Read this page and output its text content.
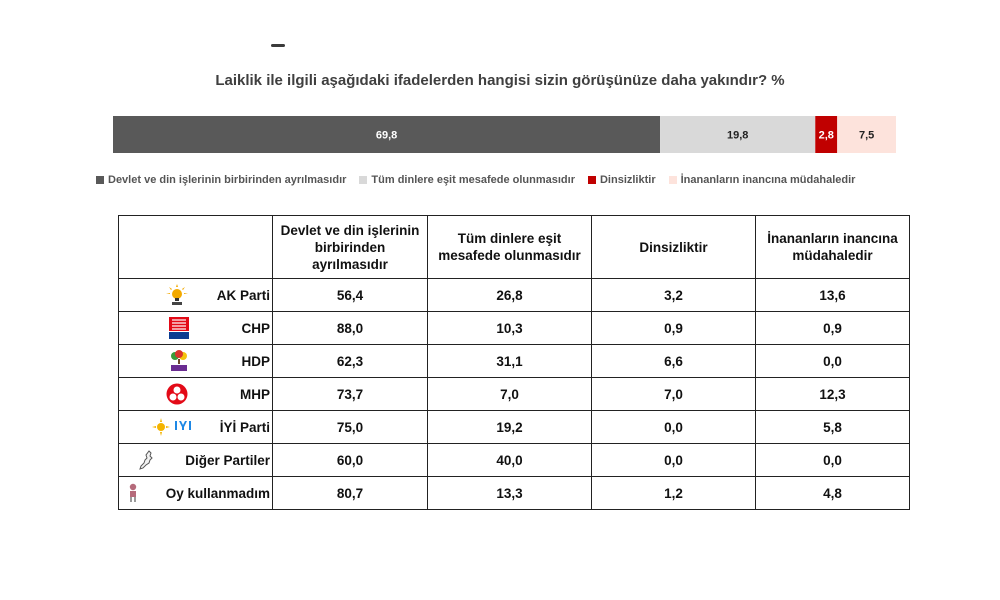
Laiklik ile ilgili aşağıdaki ifadelerden hangisi sizin görüşünüze daha yakındır? %
69,8	19,8	2,8 7,5
Devlet ve din işlerinin birbirinden ayrılmasıdır Tüm dinlere eşit mesafede olunmasıdır Dinsizliktir İnananların inancına müdahaledir
	Devlet ve din işlerinin birbirinden ayrılmasıdır	Tüm dinlere eşit mesafede olunmasıdır	Dinsizliktir	İnananların inancına müdahaledir

AK Parti	56,4	26,8	3,2	13,6

CHP	88,0	10,3	0,9	0,9

HDP	62,3	31,1	6,6	0,0

MHP	73,7	7,0	7,0	12,3

İYİ Parti	75,0	19,2	0,0	5,8

Diğer Partiler	60,0	40,0	0,0	0,0

Oy kullanmadım	80,7	13,3	1,2	4,8
